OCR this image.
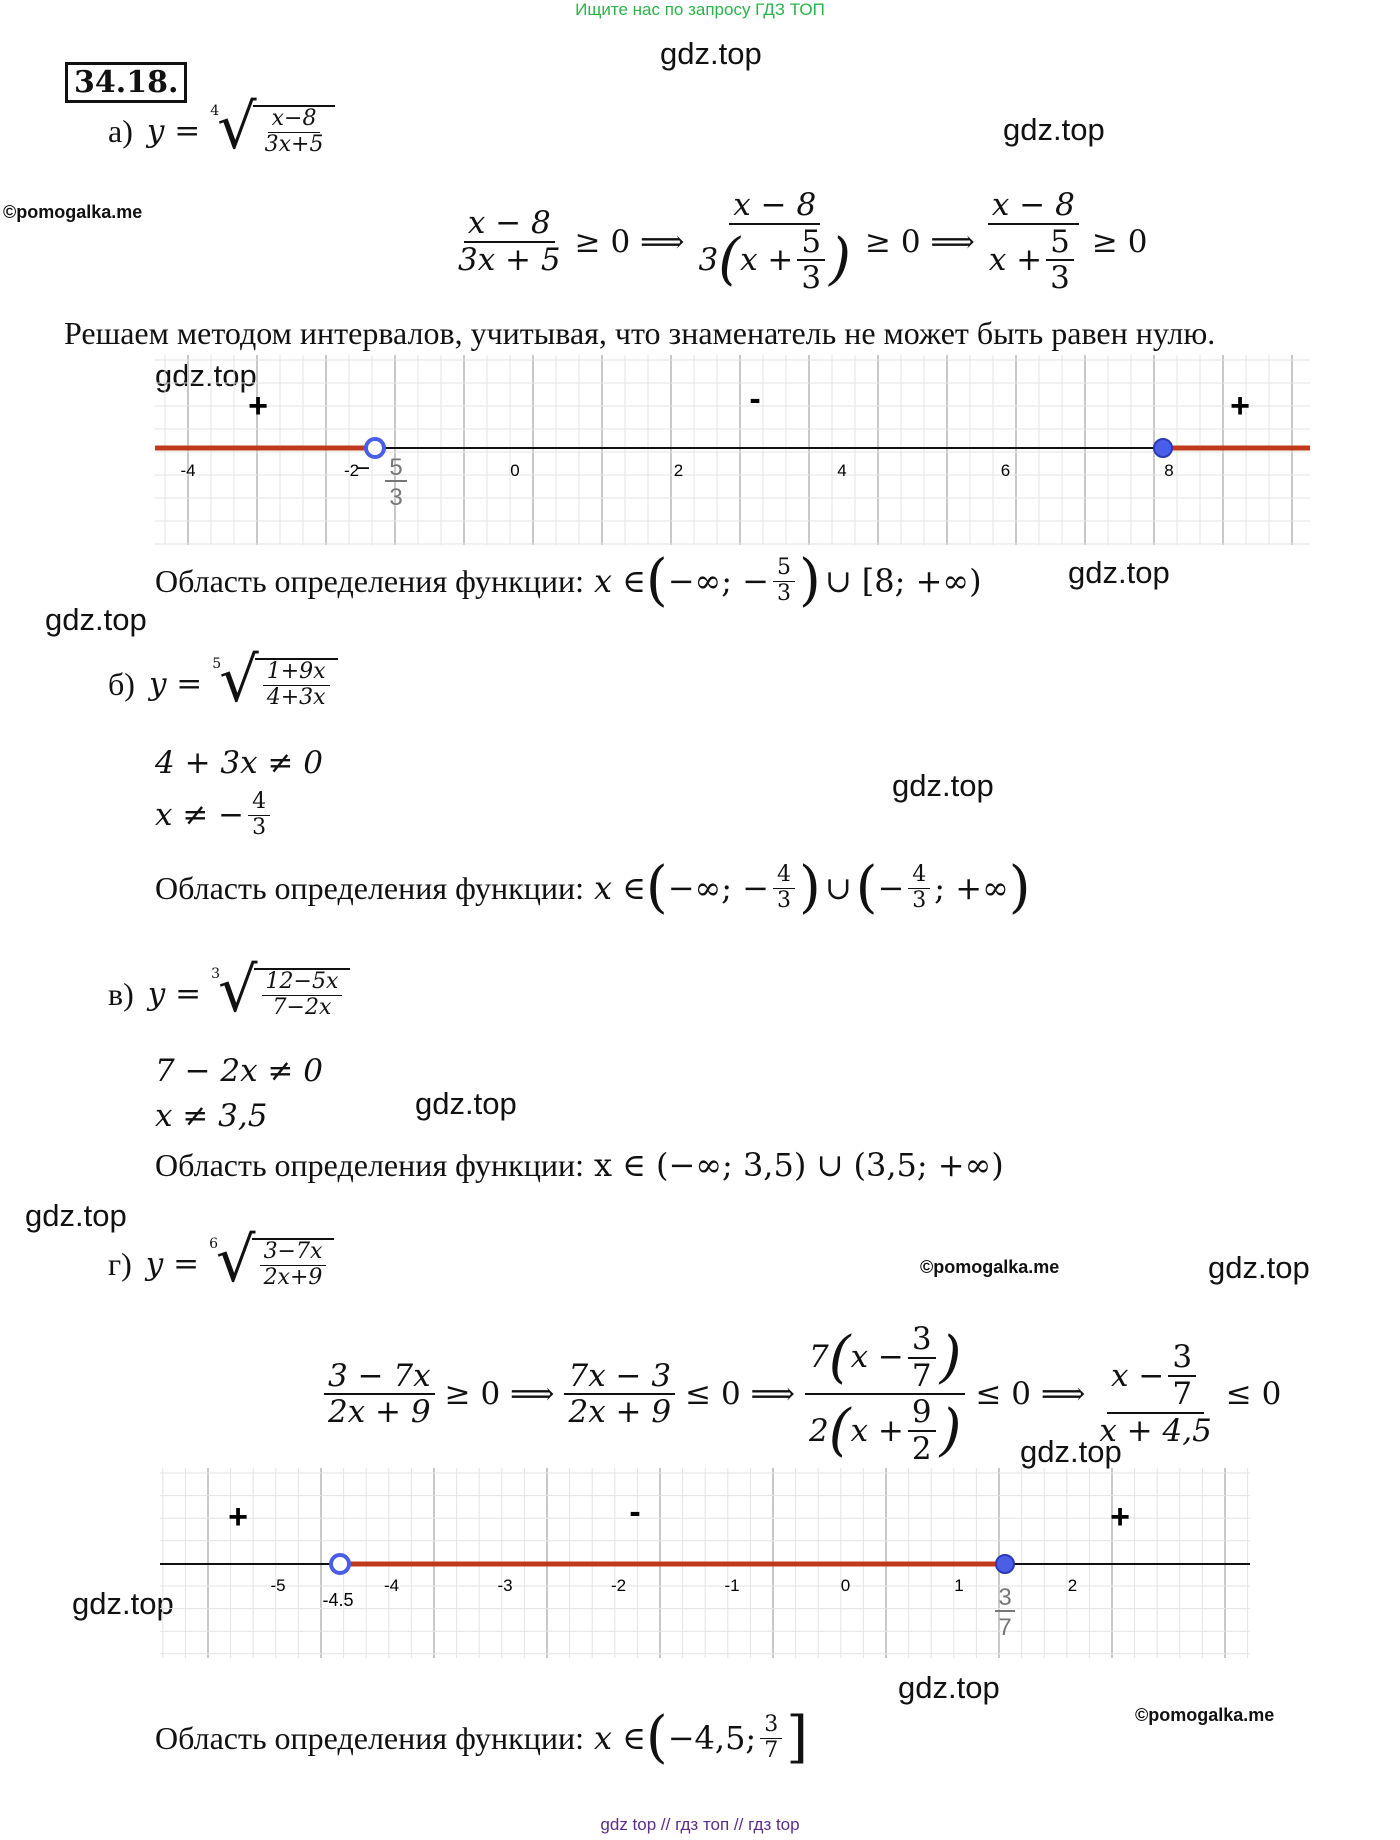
Ищите нас по запросу ГДЗ ТОП
gdz.top
gdz.top
gdz.top
gdz.top
gdz.top
gdz.top
gdz.top
gdz.top
gdz.top
gdz.top
gdz.top
gdz.top
©pomogalka.me
©pomogalka.me
©pomogalka.me
34.18.
а) y =
4
√ $\frac{x-8}{3x+5}$
$\frac{x - 8}{3x + 5} \ge 0$ ⟹ $\frac{x - 8}{3 ( x + \frac{5}{3} )} \ge 0$ ⟹ $\frac{x - 8}{x + \frac{5}{3}} \ge 0$
Решаем методом интервалов, учитывая, что знаменатель не может быть равен нулю.
+	-	+
-4	-2	0	2	4	6	8
− 5
3
Область определения функции: x ∈ ( −∞; − $\frac{5}{3}$ ) ∪ [8; +∞)
б) y =
5
√ $\frac{1+9x}{4+3x}$
4 + 3x ≠ 0
x ≠ − $\frac{4}{3}$
Область определения функции: x ∈ ( −∞; − $\frac{4}{3}$ ) ∪ ( − $\frac{4}{3}$ ; +∞ )
в) y =
3
√ $\frac{12-5x}{7-2x}$
7 − 2x ≠ 0
x ≠ 3,5
Область определения функции: x ∈ (−∞; 3,5) ∪ (3,5; +∞)
г) y =
6
√ $\frac{3-7x}{2x+9}$
$\frac{3 - 7x}{2x + 9} \ge 0$ ⟹ $\frac{7x - 3}{2x + 9} \le 0$ ⟹ $\frac{7 ( x - \frac{3}{7} )}{2 ( x + \frac{9}{2} )} \le 0$ ⟹ $\frac{x - \frac{3}{7}}{x + 4,5} \le 0$
+	-	+
-5	-4	-3	-2	-1	0	1	2
-4.5	3
7
Область определения функции: x ∈ ( −4,5; $\frac{3}{7}$ ]
gdz top // гдз топ // гдз top
